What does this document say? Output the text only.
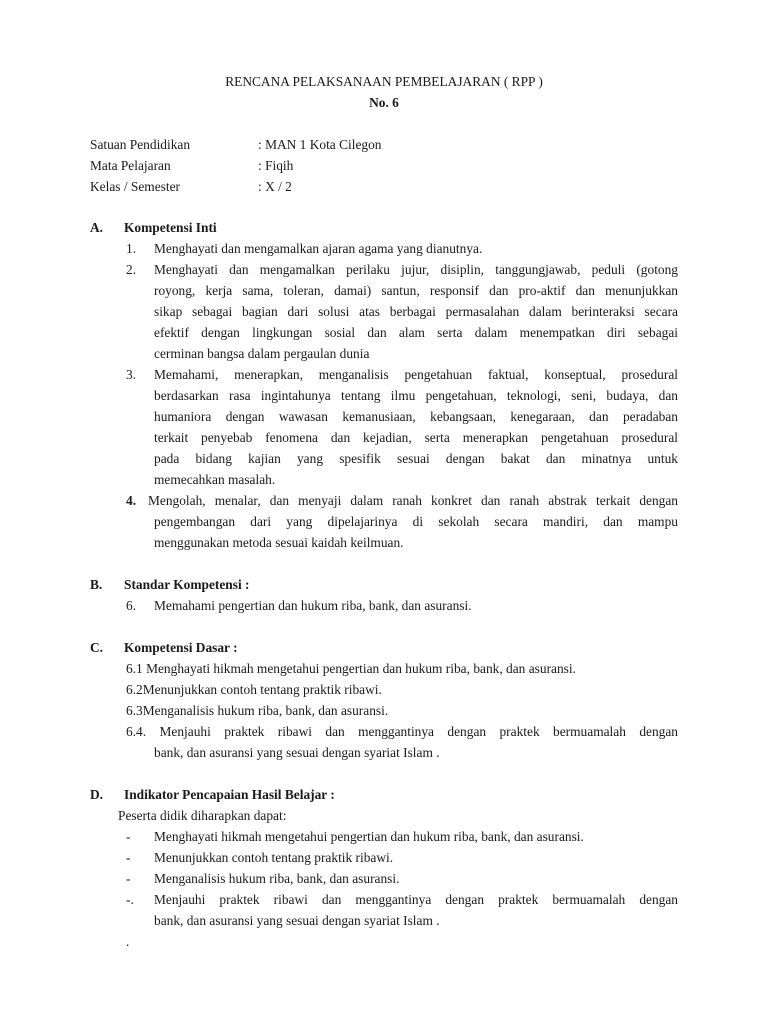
RENCANA PELAKSANAAN PEMBELAJARAN ( RPP )
No. 6
Satuan Pendidikan	: MAN 1 Kota Cilegon
Mata Pelajaran	: Fiqih
Kelas / Semester	: X / 2
A.	Kompetensi Inti
1.	Menghayati dan mengamalkan ajaran agama yang dianutnya.
2.	Menghayati dan mengamalkan perilaku jujur, disiplin, tanggungjawab, peduli (gotong
royong, kerja sama, toleran, damai) santun, responsif dan pro-aktif dan menunjukkan
sikap sebagai bagian dari solusi atas berbagai permasalahan dalam berinteraksi secara
efektif dengan lingkungan sosial dan alam serta dalam menempatkan diri sebagai
cerminan bangsa dalam pergaulan dunia
3.	Memahami, menerapkan, menganalisis pengetahuan faktual, konseptual, prosedural
berdasarkan rasa ingintahunya tentang ilmu pengetahuan, teknologi, seni, budaya, dan
humaniora dengan wawasan kemanusiaan, kebangsaan, kenegaraan, dan peradaban
terkait penyebab fenomena dan kejadian, serta menerapkan pengetahuan prosedural
pada bidang kajian yang spesifik sesuai dengan bakat dan minatnya untuk
memecahkan masalah.
4. Mengolah, menalar, dan menyaji dalam ranah konkret dan ranah abstrak terkait dengan
pengembangan dari yang dipelajarinya di sekolah secara mandiri, dan mampu
menggunakan metoda sesuai kaidah keilmuan.
B.	Standar Kompetensi :
6.	Memahami pengertian dan hukum riba, bank, dan asuransi.
C.	Kompetensi Dasar :
6.1 Menghayati hikmah mengetahui pengertian dan hukum riba, bank, dan asuransi.
6.2Menunjukkan contoh tentang praktik ribawi.
6.3Menganalisis hukum riba, bank, dan asuransi.
6.4. Menjauhi praktek ribawi dan menggantinya dengan praktek bermuamalah dengan
bank, dan asuransi yang sesuai dengan syariat Islam .
D.	Indikator Pencapaian Hasil Belajar :
Peserta didik diharapkan dapat:
-	Menghayati hikmah mengetahui pengertian dan hukum riba, bank, dan asuransi.
-	Menunjukkan contoh tentang praktik ribawi.
-	Menganalisis hukum riba, bank, dan asuransi.
-.	Menjauhi praktek ribawi dan menggantinya dengan praktek bermuamalah dengan
bank, dan asuransi yang sesuai dengan syariat Islam .
.
